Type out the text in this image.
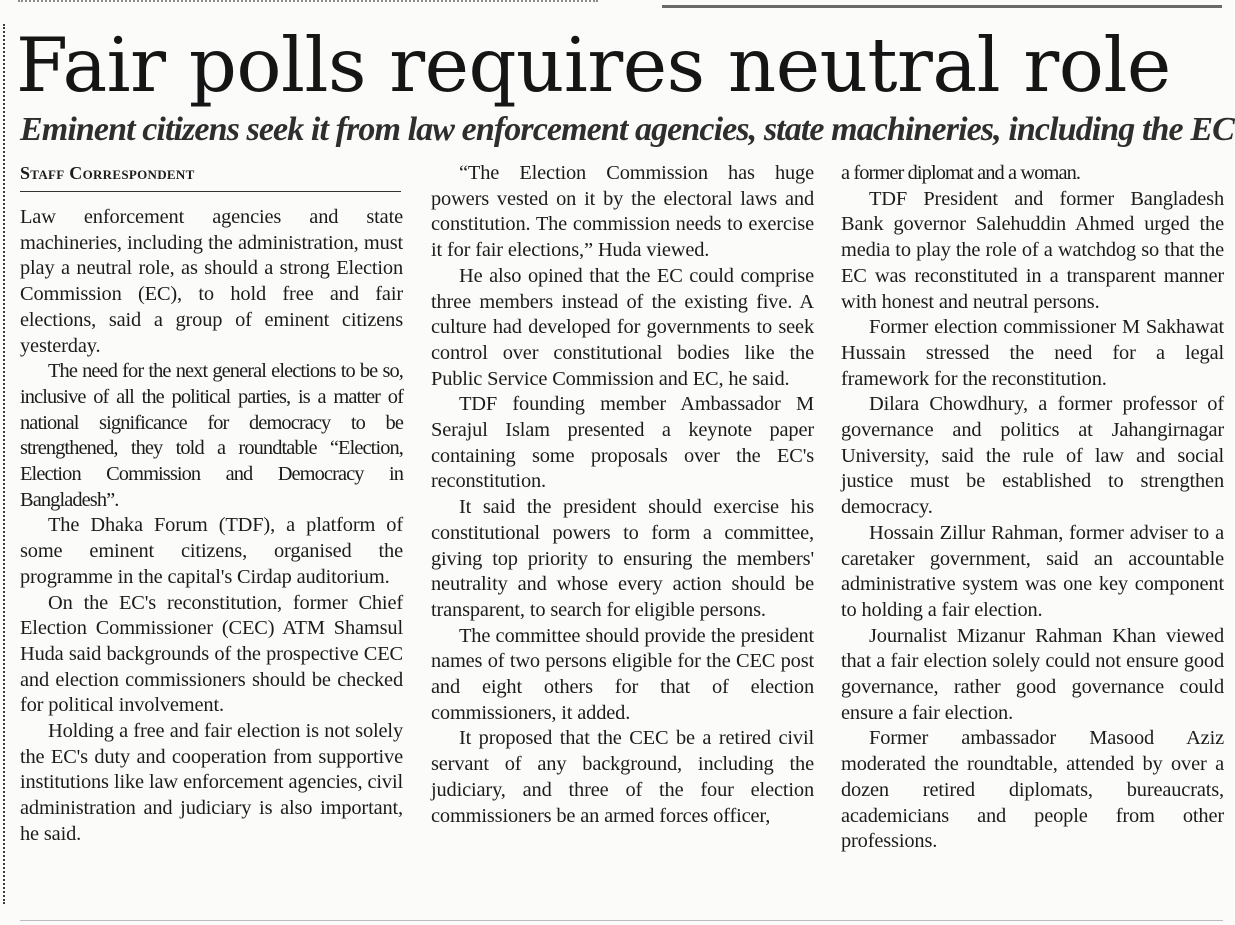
Fair polls requires neutral role
Eminent citizens seek it from law enforcement agencies, state machineries, including the EC
Staff Correspondent

Law enforcement agencies and state machineries, including the administration, must play a neutral role, as should a strong Election Commission (EC), to hold free and fair elections, said a group of eminent citizens yesterday.

The need for the next general elections to be so, inclusive of all the political parties, is a matter of national significance for democracy to be strengthened, they told a roundtable “Election, Election Commission and Democracy in Bangladesh”.

The Dhaka Forum (TDF), a platform of some eminent citizens, organised the programme in the capital's Cirdap auditorium.

On the EC's reconstitution, former Chief Election Commissioner (CEC) ATM Shamsul Huda said backgrounds of the prospective CEC and election commissioners should be checked for political involvement.

Holding a free and fair election is not solely the EC's duty and cooperation from supportive institutions like law enforcement agencies, civil administration and judiciary is also important, he said.

“The Election Commission has huge powers vested on it by the electoral laws and constitution. The commission needs to exercise it for fair elections,” Huda viewed.

He also opined that the EC could comprise three members instead of the existing five. A culture had developed for governments to seek control over constitutional bodies like the Public Service Commission and EC, he said.

TDF founding member Ambassador M Serajul Islam presented a keynote paper containing some proposals over the EC's reconstitution.

It said the president should exercise his constitutional powers to form a committee, giving top priority to ensuring the members' neutrality and whose every action should be transparent, to search for eligible persons.

The committee should provide the president names of two persons eligible for the CEC post and eight others for that of election commissioners, it added.

It proposed that the CEC be a retired civil servant of any background, including the judiciary, and three of the four election commissioners be an armed forces officer,

a former diplomat and a woman.

TDF President and former Bangladesh Bank governor Salehuddin Ahmed urged the media to play the role of a watchdog so that the EC was reconstituted in a transparent manner with honest and neutral persons.

Former election commissioner M Sakhawat Hussain stressed the need for a legal framework for the reconstitution.

Dilara Chowdhury, a former professor of governance and politics at Jahangirnagar University, said the rule of law and social justice must be established to strengthen democracy.

Hossain Zillur Rahman, former adviser to a caretaker government, said an accountable administrative system was one key component to holding a fair election.

Journalist Mizanur Rahman Khan viewed that a fair election solely could not ensure good governance, rather good governance could ensure a fair election.

Former ambassador Masood Aziz moderated the roundtable, attended by over a dozen retired diplomats, bureaucrats, academicians and people from other professions.
